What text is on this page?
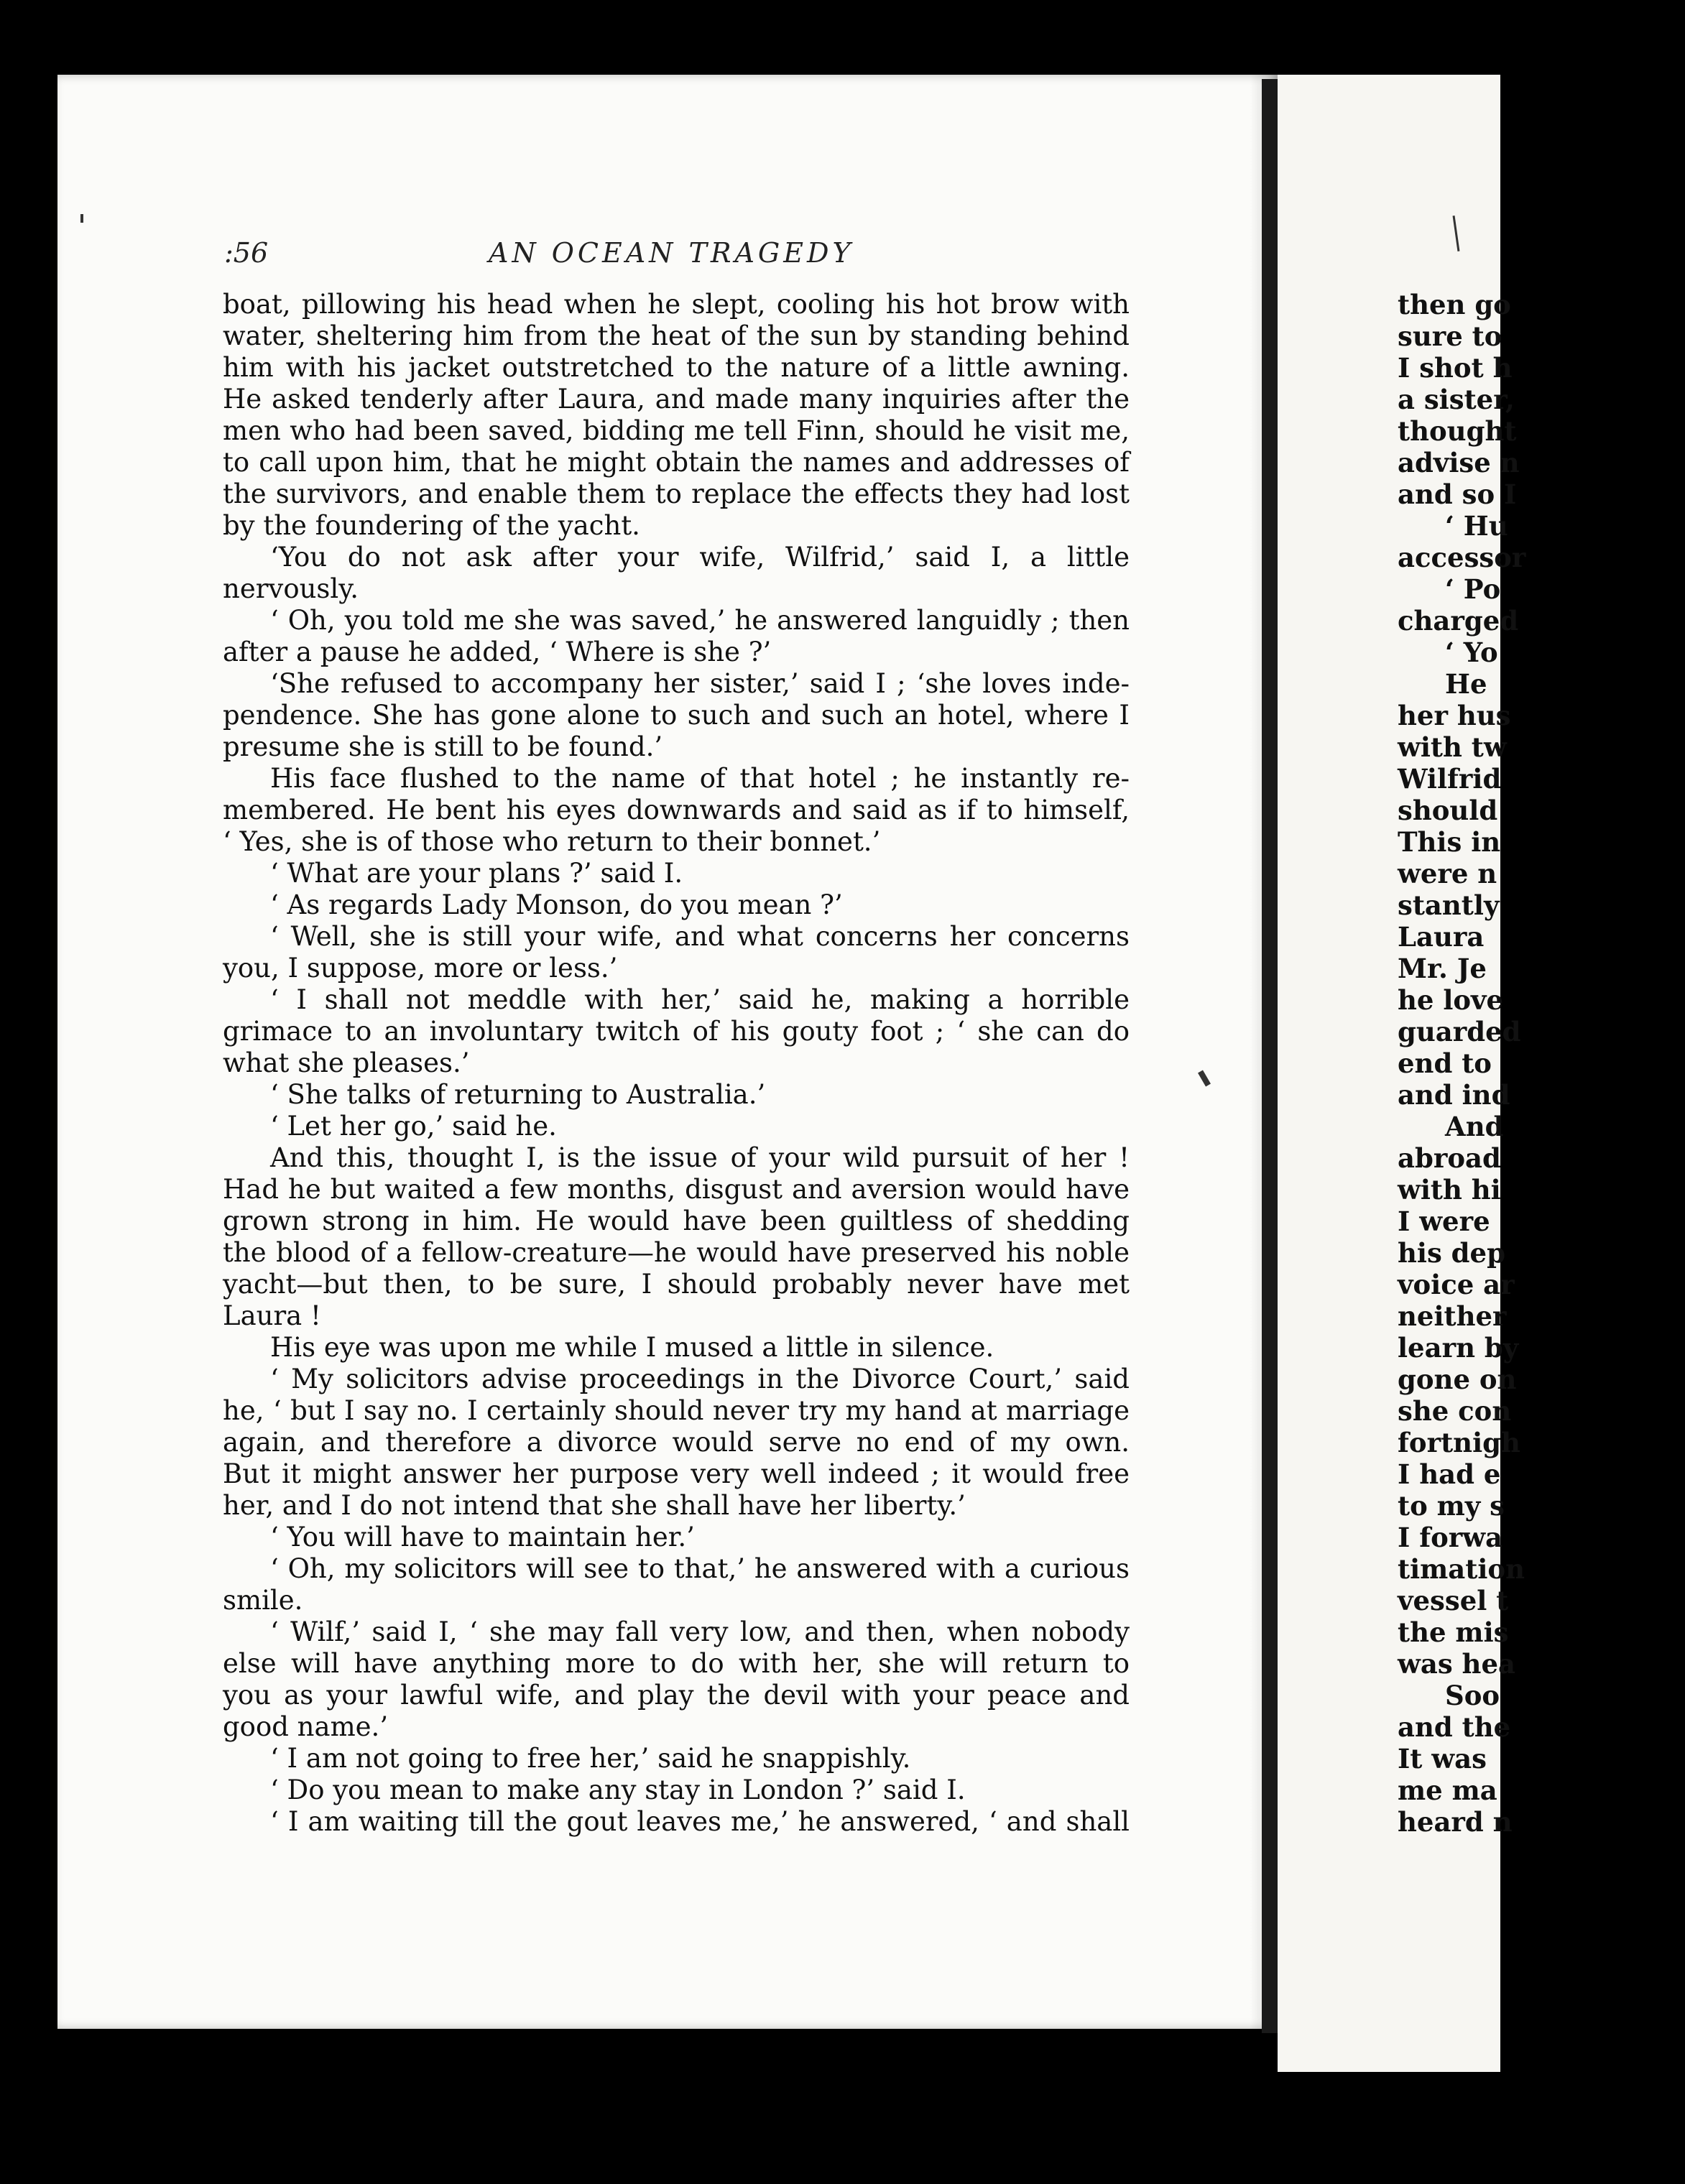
:56	AN OCEAN TRAGEDY
boat, pillowing his head when he slept, cooling his hot brow with
water, sheltering him from the heat of the sun by standing behind
him with his jacket outstretched to the nature of a little awning.
He asked tenderly after Laura, and made many inquiries after the
men who had been saved, bidding me tell Finn, should he visit me,
to call upon him, that he might obtain the names and addresses of
the survivors, and enable them to replace the effects they had lost
by the foundering of the yacht.
‘You do not ask after your wife, Wilfrid,’ said I, a little
nervously.
‘ Oh, you told me she was saved,’ he answered languidly ; then
after a pause he added, ‘ Where is she ?’
‘She refused to accompany her sister,’ said I ; ‘she loves inde-
pendence. She has gone alone to such and such an hotel, where I
presume she is still to be found.’
His face flushed to the name of that hotel ; he instantly re-
membered. He bent his eyes downwards and said as if to himself,
‘ Yes, she is of those who return to their bonnet.’
‘ What are your plans ?’ said I.
‘ As regards Lady Monson, do you mean ?’
‘ Well, she is still your wife, and what concerns her concerns
you, I suppose, more or less.’
‘ I shall not meddle with her,’ said he, making a horrible
grimace to an involuntary twitch of his gouty foot ; ‘ she can do
what she pleases.’
‘ She talks of returning to Australia.’
‘ Let her go,’ said he.
And this, thought I, is the issue of your wild pursuit of her !
Had he but waited a few months, disgust and aversion would have
grown strong in him. He would have been guiltless of shedding
the blood of a fellow-creature—he would have preserved his noble
yacht—but then, to be sure, I should probably never have met
Laura !
His eye was upon me while I mused a little in silence.
‘ My solicitors advise proceedings in the Divorce Court,’ said
he, ‘ but I say no. I certainly should never try my hand at marriage
again, and therefore a divorce would serve no end of my own.
But it might answer her purpose very well indeed ; it would free
her, and I do not intend that she shall have her liberty.’
‘ You will have to maintain her.’
‘ Oh, my solicitors will see to that,’ he answered with a curious
smile.
‘ Wilf,’ said I, ‘ she may fall very low, and then, when nobody
else will have anything more to do with her, she will return to
you as your lawful wife, and play the devil with your peace and
good name.’
‘ I am not going to free her,’ said he snappishly.
‘ Do you mean to make any stay in London ?’ said I.
‘ I am waiting till the gout leaves me,’ he answered, ‘ and shall
then go
sure to
I shot h
a sister,
thought
advise n
and so I
‘ Hu
accessor
‘ Po
charged
‘ Yo
He
her hus
with tw
Wilfrid
should
This in
were n
stantly
Laura
Mr. Je
he love
guarded
end to
and ind
And
abroad
with hi
I were
his dep
voice ar
neither
learn by
gone on
she con
fortnigh
I had e
to my s
I forwa
timation
vessel t
the mis
was hea
Soo
and the
It was
me ma
heard n
